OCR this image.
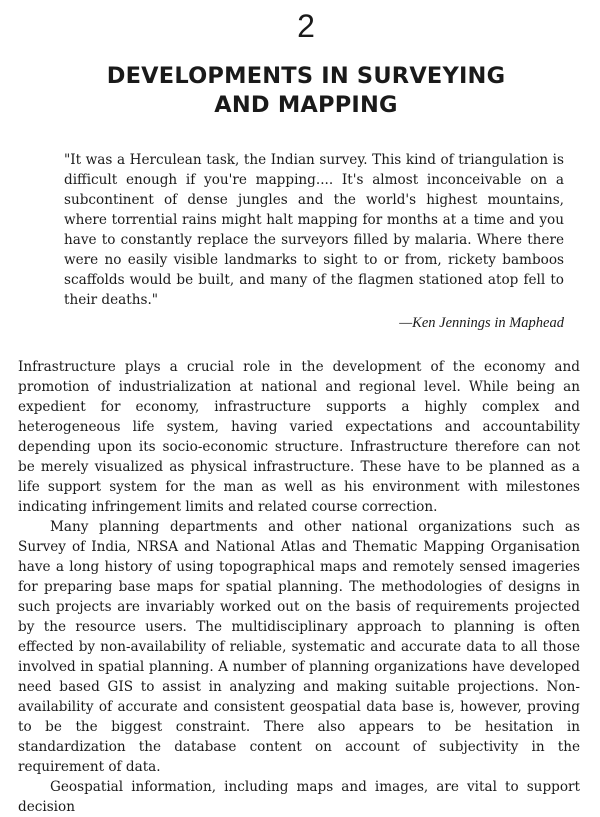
2
DEVELOPMENTS IN SURVEYING
AND MAPPING
"It was a Herculean task, the Indian survey. This kind of triangulation is difficult enough if you're mapping.... It's almost inconceivable on a subcontinent of dense jungles and the world's highest mountains, where torrential rains might halt mapping for months at a time and you have to constantly replace the surveyors filled by malaria. Where there were no easily visible landmarks to sight to or from, rickety bamboos scaffolds would be built, and many of the flagmen stationed atop fell to their deaths."
—Ken Jennings in Maphead

Infrastructure plays a crucial role in the development of the economy and promotion of industrialization at national and regional level. While being an expedient for economy, infrastructure supports a highly complex and heterogeneous life system, having varied expectations and accountability depending upon its socio-economic structure. Infrastructure therefore can not be merely visualized as physical infrastructure. These have to be planned as a life support system for the man as well as his environment with milestones indicating infringement limits and related course correction.

Many planning departments and other national organizations such as Survey of India, NRSA and National Atlas and Thematic Mapping Organisation have a long history of using topographical maps and remotely sensed imageries for preparing base maps for spatial planning. The methodologies of designs in such projects are invariably worked out on the basis of requirements projected by the resource users. The multidisciplinary approach to planning is often effected by non-availability of reliable, systematic and accurate data to all those involved in spatial planning. A number of planning organizations have developed need based GIS to assist in analyzing and making suitable projections. Non-availability of accurate and consistent geospatial data base is, however, proving to be the biggest constraint. There also appears to be hesitation in standardization the database content on account of subjectivity in the requirement of data.

Geospatial information, including maps and images, are vital to support decision
